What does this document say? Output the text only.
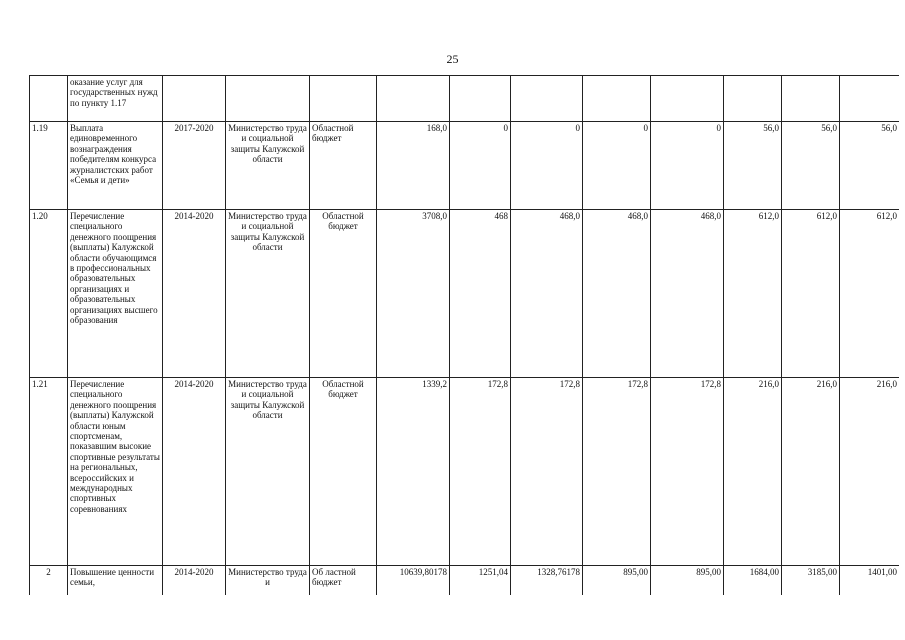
25
	оказание услуг для государственных нужд по пункту 1.17											
1.19	Выплата единовременного вознаграждения победителям конкурса журналистских работ «Семья и дети»	2017-2020	Министерство труда и социальной защиты Калужской области	Областной бюджет	168,0	0	0	0	0	56,0	56,0	56,0
1.20	Перечисление специального денежного поощрения (выплаты) Калужской области обучающимся в профессиональных образовательных организациях и образовательных организациях высшего образования	2014-2020	Министерство труда и социальной защиты Калужской области	Областной бюджет	3708,0	468	468,0	468,0	468,0	612,0	612,0	612,0
1.21	Перечисление специального денежного поощрения (выплаты) Калужской области юным спортсменам, показавшим высокие спортивные результаты на региональных, всероссийских и международных спортивных соревнованиях	2014-2020	Министерство труда и социальной защиты Калужской области	Областной бюджет	1339,2	172,8	172,8	172,8	172,8	216,0	216,0	216,0
2	Повышение ценности семьи,	2014-2020	Министерство труда и	Об ластной бюджет	10639,80178	1251,04	1328,76178	895,00	895,00	1684,00	3185,00	1401,00
